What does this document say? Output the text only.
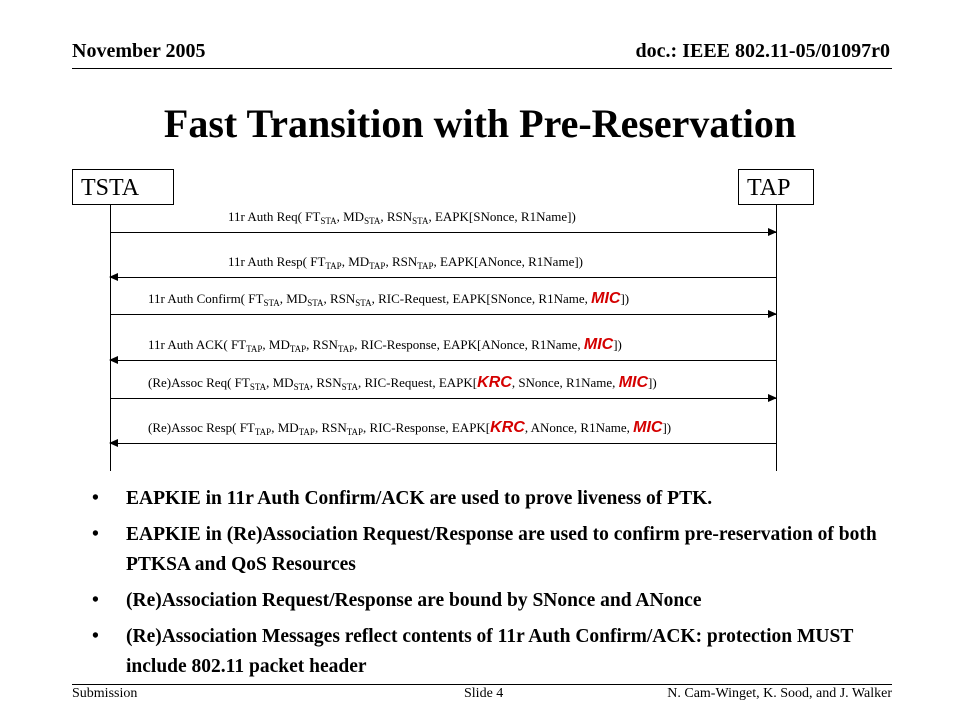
November 2005	doc.: IEEE 802.11-05/01097r0
Fast Transition with Pre-Reservation
TSTA	TAP
11r Auth Req( $FT_{STA}$, $MD_{STA}$, $RSN_{STA}$, EAPK[SNonce, R1Name])
11r Auth Resp( $FT_{TAP}$, $MD_{TAP}$, $RSN_{TAP}$, EAPK[ANonce, R1Name])
11r Auth Confirm( $FT_{STA}$, $MD_{STA}$, $RSN_{STA}$, RIC-Request, EAPK[SNonce, R1Name, MIC])
11r Auth ACK( $FT_{TAP}$, $MD_{TAP}$, $RSN_{TAP}$, RIC-Response, EAPK[ANonce, R1Name, MIC])
(Re)Assoc Req( $FT_{STA}$, $MD_{STA}$, $RSN_{STA}$, RIC-Request, EAPK[KRC, SNonce, R1Name, MIC])
(Re)Assoc Resp( $FT_{TAP}$, $MD_{TAP}$, $RSN_{TAP}$, RIC-Response, EAPK[KRC, ANonce, R1Name, MIC])
• EAPKIE in 11r Auth Confirm/ACK are used to prove liveness of PTK.
• EAPKIE in (Re)Association Request/Response are used to confirm pre-reservation of both PTKSA and QoS Resources
• (Re)Association Request/Response are bound by SNonce and ANonce
• (Re)Association Messages reflect contents of 11r Auth Confirm/ACK: protection MUST include 802.11 packet header
Submission	Slide 4	N. Cam-Winget, K. Sood, and J. Walker
